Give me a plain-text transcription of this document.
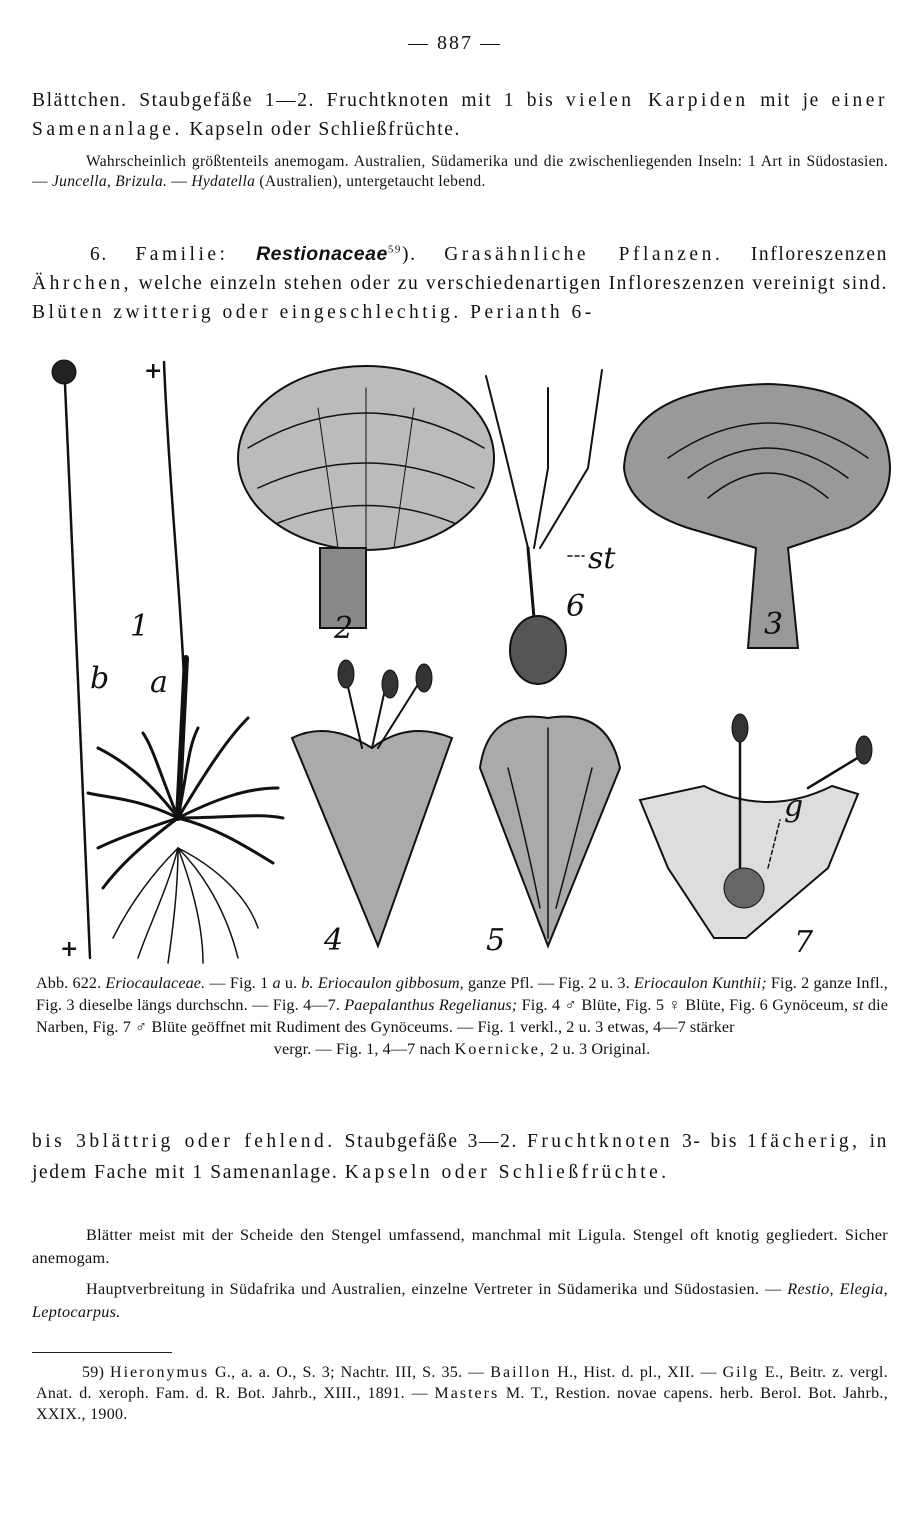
— 887 —

Blättchen. Staubgefäße 1—2. Fruchtknoten mit 1 bis vielen Karpiden mit je einer Samenanlage. Kapseln oder Schließfrüchte.

Wahrscheinlich größtenteils anemogam. Australien, Südamerika und die zwischenliegenden Inseln: 1 Art in Südostasien. — Juncella, Brizula. — Hydatella (Australien), untergetaucht lebend.

6. Familie: Restionaceae$^{59}$). Grasähnliche Pflanzen. Infloreszenzen Ährchen, welche einzeln stehen oder zu verschiedenartigen Infloreszenzen vereinigt sind. Blüten zwitterig oder eingeschlechtig. Perianth 6-

1	2	3
4	5
6
7
a
b
g
st
+
+
Abb. 622. Eriocaulaceae. — Fig. 1 a u. b. Eriocaulon gibbosum, ganze Pfl. — Fig. 2 u. 3. Eriocaulon Kunthii; Fig. 2 ganze Infl., Fig. 3 dieselbe längs durchschn. — Fig. 4—7. Paepalanthus Regelianus; Fig. 4 ♂ Blüte, Fig. 5 ♀ Blüte, Fig. 6 Gynöceum, st die Narben, Fig. 7 ♂ Blüte geöffnet mit Rudiment des Gynöceums. — Fig. 1 verkl., 2 u. 3 etwas, 4—7 stärker
vergr. — Fig. 1, 4—7 nach Koernicke, 2 u. 3 Original.

bis 3blättrig oder fehlend. Staubgefäße 3—2. Fruchtknoten 3- bis 1fächerig, in jedem Fache mit 1 Samenanlage. Kapseln oder Schließfrüchte.

Blätter meist mit der Scheide den Stengel umfassend, manchmal mit Ligula. Stengel oft knotig gegliedert. Sicher anemogam.

Hauptverbreitung in Südafrika und Australien, einzelne Vertreter in Südamerika und Südostasien. — Restio, Elegia, Leptocarpus.

59) Hieronymus G., a. a. O., S. 3; Nachtr. III, S. 35. — Baillon H., Hist. d. pl., XII. — Gilg E., Beitr. z. vergl. Anat. d. xeroph. Fam. d. R. Bot. Jahrb., XIII., 1891. — Masters M. T., Restion. novae capens. herb. Berol. Bot. Jahrb., XXIX., 1900.
